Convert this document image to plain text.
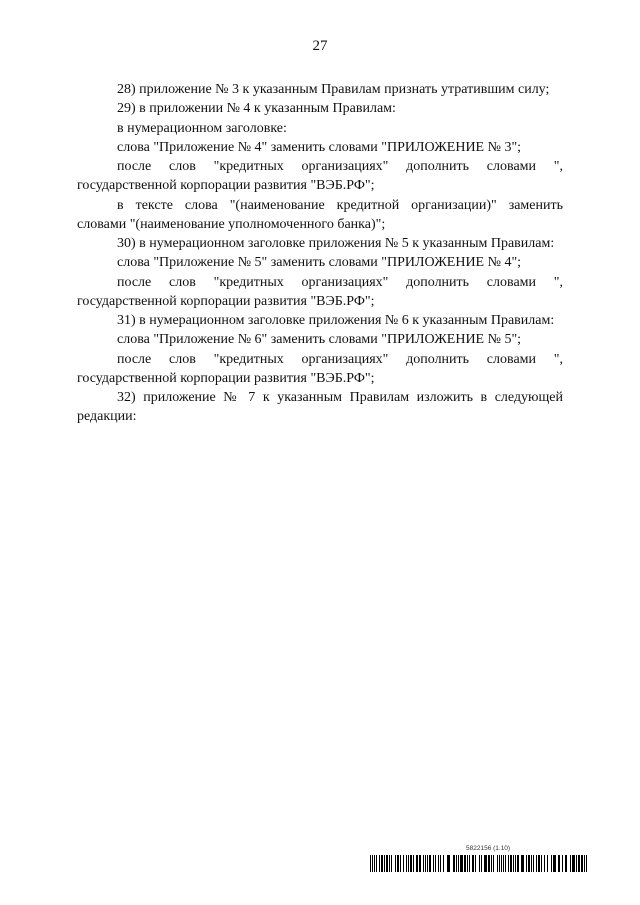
27

28) приложение № 3 к указанным Правилам признать утратившим силу;

29) в приложении № 4 к указанным Правилам:

в нумерационном заголовке:

слова "Приложение № 4" заменить словами "ПРИЛОЖЕНИЕ № 3";

после слов "кредитных организациях" дополнить словами ", государственной корпорации развития "ВЭБ.РФ";

в тексте слова "(наименование кредитной организации)" заменить словами "(наименование уполномоченного банка)";

30) в нумерационном заголовке приложения № 5 к указанным Правилам:

слова "Приложение № 5" заменить словами "ПРИЛОЖЕНИЕ № 4";

после слов "кредитных организациях" дополнить словами ", государственной корпорации развития "ВЭБ.РФ";

31) в нумерационном заголовке приложения № 6 к указанным Правилам:

слова "Приложение № 6" заменить словами "ПРИЛОЖЕНИЕ № 5";

после слов "кредитных организациях" дополнить словами ", государственной корпорации развития "ВЭБ.РФ";

32) приложение № 7 к указанным Правилам изложить в следующей редакции:

5822156 (1.10)
